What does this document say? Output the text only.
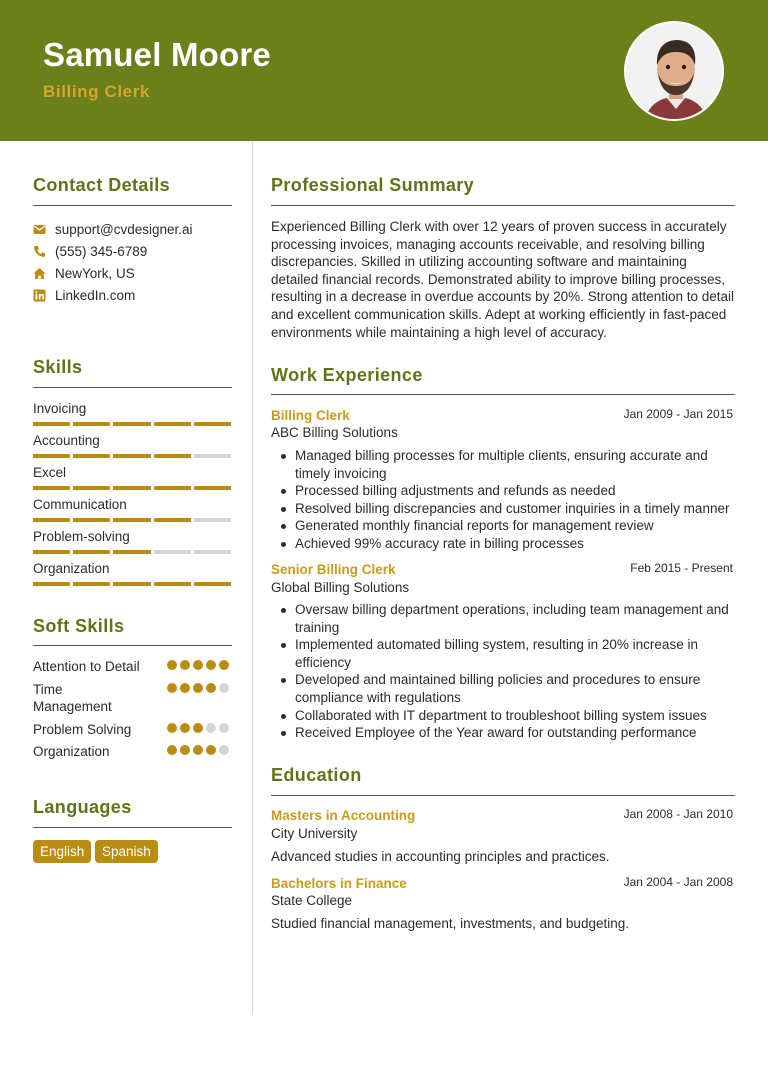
Samuel Moore
Billing Clerk
Contact Details
support@cvdesigner.ai
(555) 345-6789
NewYork, US
LinkedIn.com
Skills
Invoicing
Accounting
Excel
Communication
Problem-solving
Organization
Soft Skills
Attention to Detail
Time Management
Problem Solving
Organization
Languages
English	Spanish
Professional Summary
Experienced Billing Clerk with over 12 years of proven success in accurately processing invoices, managing accounts receivable, and resolving billing discrepancies. Skilled in utilizing accounting software and maintaining detailed financial records. Demonstrated ability to improve billing processes, resulting in a decrease in overdue accounts by 20%. Strong attention to detail and excellent communication skills. Adept at working efficiently in fast-paced environments while maintaining a high level of accuracy.
Work Experience
Billing Clerk	Jan 2009 - Jan 2015
ABC Billing Solutions
Managed billing processes for multiple clients, ensuring accurate and timely invoicing
Processed billing adjustments and refunds as needed
Resolved billing discrepancies and customer inquiries in a timely manner
Generated monthly financial reports for management review
Achieved 99% accuracy rate in billing processes
Senior Billing Clerk	Feb 2015 - Present
Global Billing Solutions
Oversaw billing department operations, including team management and training
Implemented automated billing system, resulting in 20% increase in efficiency
Developed and maintained billing policies and procedures to ensure compliance with regulations
Collaborated with IT department to troubleshoot billing system issues
Received Employee of the Year award for outstanding performance
Education
Masters in Accounting	Jan 2008 - Jan 2010
City University
Advanced studies in accounting principles and practices.
Bachelors in Finance	Jan 2004 - Jan 2008
State College
Studied financial management, investments, and budgeting.
